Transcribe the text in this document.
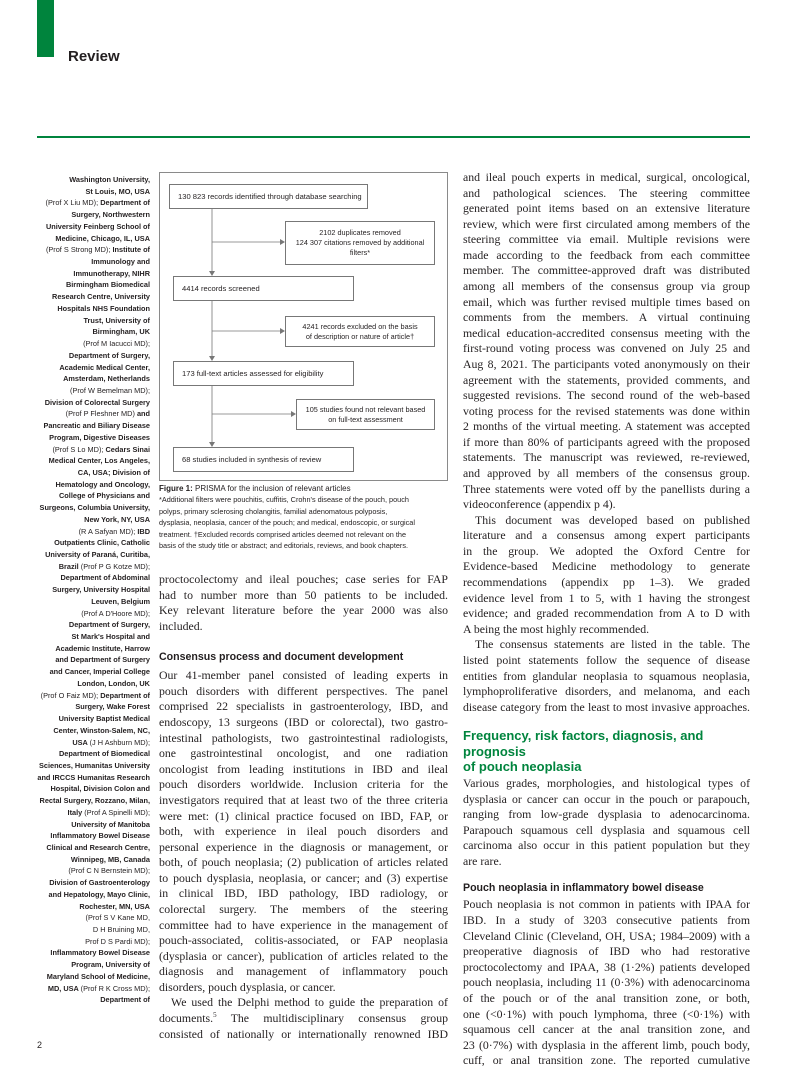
Review
Washington University,
St Louis, MO, USA
(Prof X Liu MD); Department of
Surgery, Northwestern
University Feinberg School of
Medicine, Chicago, IL, USA
(Prof S Strong MD); Institute of
Immunology and
Immunotherapy, NIHR
Birmingham Biomedical
Research Centre, University
Hospitals NHS Foundation
Trust, University of
Birmingham, UK
(Prof M Iacucci MD);
Department of Surgery,
Academic Medical Center,
Amsterdam, Netherlands
(Prof W Bemelman MD);
Division of Colorectal Surgery
(Prof P Fleshner MD) and
Pancreatic and Biliary Disease
Program, Digestive Diseases
(Prof S Lo MD); Cedars Sinai
Medical Center, Los Angeles,
CA, USA; Division of
Hematology and Oncology,
College of Physicians and
Surgeons, Columbia University,
New York, NY, USA
(R A Safyan MD); IBD
Outpatients Clinic, Catholic
University of Paraná, Curitiba,
Brazil (Prof P G Kotze MD);
Department of Abdominal
Surgery, University Hospital
Leuven, Belgium
(Prof A D'Hoore MD);
Department of Surgery,
St Mark's Hospital and
Academic Institute, Harrow
and Department of Surgery
and Cancer, Imperial College
London, London, UK
(Prof O Faiz MD); Department of
Surgery, Wake Forest
University Baptist Medical
Center, Winston-Salem, NC,
USA (J H Ashburn MD);
Department of Biomedical
Sciences, Humanitas University
and IRCCS Humanitas Research
Hospital, Division Colon and
Rectal Surgery, Rozzano, Milan,
Italy (Prof A Spinelli MD);
University of Manitoba
Inflammatory Bowel Disease
Clinical and Research Centre,
Winnipeg, MB, Canada
(Prof C N Bernstein MD);
Division of Gastroenterology
and Hepatology, Mayo Clinic,
Rochester, MN, USA
(Prof S V Kane MD,
D H Bruining MD,
Prof D S Pardi MD);
Inflammatory Bowel Disease
Program, University of
Maryland School of Medicine,
MD, USA (Prof R K Cross MD);
Department of
130 823 records identified through database searching
2102 duplicates removed
124 307 citations removed by additional
filters*
4414 records screened
4241 records excluded on the basis
of description or nature of article†
173 full-text articles assessed for eligibility
105 studies found not relevant based
on full-text assessment
68 studies included in synthesis of review
Figure 1: PRISMA for the inclusion of relevant articles
*Additional filters were pouchitis, cuffitis, Crohn's disease of the pouch, pouch
polyps, primary sclerosing cholangitis, familial adenomatous polyposis,
dysplasia, neoplasia, cancer of the pouch; and medical, endoscopic, or surgical
treatment. †Excluded records comprised articles deemed not relevant on the
basis of the study title or abstract; and editorials, reviews, and book chapters.
proctocolectomy and ileal pouches; case series for FAP
had to number more than 50 patients to be included.
Key relevant literature before the year 2000 was also
included.
Consensus process and document development
Our 41-member panel consisted of leading experts in
pouch disorders with different perspectives. The panel
comprised 22 specialists in gastroenterology, IBD, and
endoscopy, 13 surgeons (IBD or colorectal), two gastro-
intestinal pathologists, two gastrointestinal radiologists,
one gastrointestinal oncologist, and one radiation
oncologist from leading institutions in IBD and ileal
pouch disorders worldwide. Inclusion criteria for the
investigators required that at least two of the three criteria
were met: (1) clinical practice focused on IBD, FAP, or
both, with experience in ileal pouch disorders and
personal experience in the diagnosis or management, or
both, of pouch neoplasia; (2) publication of articles related
to pouch dysplasia, neoplasia, or cancer; and (3) expertise
in clinical IBD, IBD pathology, IBD radiology, or
colorectal surgery. The members of the steering
committee had to have experience in the management of
pouch-associated, colitis-associated, or FAP neoplasia
(dysplasia or cancer), publication of articles related to the
diagnosis and management of inflammatory pouch
disorders, pouch dysplasia, or cancer.
We used the Delphi method to guide the preparation of
documents.$^5$ The multidisciplinary consensus group
consisted of nationally or internationally renowned IBD
and ileal pouch experts in medical, surgical, oncological,
and pathological sciences. The steering committee
generated point items based on an extensive literature
review, which were first circulated among members of the
steering committee via email. Multiple revisions were
made according to the feedback from each committee
member. The committee-approved draft was distributed
among all members of the consensus group via group
email, which was further revised multiple times based on
comments from the members. A virtual continuing
medical education-accredited consensus meeting with the
first-round voting process was convened on July 25 and
Aug 8, 2021. The participants voted anonymously on their
agreement with the statements, provided comments, and
suggested revisions. The second round of the web-based
voting process for the revised statements was done within
2 months of the virtual meeting. A statement was accepted
if more than 80% of participants agreed with the proposed
statements. The manuscript was reviewed, re-reviewed,
and approved by all members of the consensus group.
Three statements were voted off by the panellists during a
videoconference (appendix p 4).
This document was developed based on published
literature and a consensus among expert participants
in the group. We adopted the Oxford Centre for
Evidence-based Medicine methodology to generate
recommendations (appendix pp 1–3). We graded
evidence level from 1 to 5, with 1 having the strongest
evidence; and graded recommendation from A to D with
A being the most highly recommended.
The consensus statements are listed in the table. The
listed point statements follow the sequence of disease
entities from glandular neoplasia to squamous neoplasia,
lymphoproliferative disorders, and melanoma, and each
disease category from the least to most invasive approaches.
Frequency, risk factors, diagnosis, and prognosis
of pouch neoplasia
Various grades, morphologies, and histological types of
dysplasia or cancer can occur in the pouch or parapouch,
ranging from low-grade dysplasia to adenocarcinoma.
Parapouch squamous cell dysplasia and squamous cell
carcinoma also occur in this patient population but they
are rare.
Pouch neoplasia in inflammatory bowel disease
Pouch neoplasia is not common in patients with IPAA for
IBD. In a study of 3203 consecutive patients from
Cleveland Clinic (Cleveland, OH, USA; 1984–2009) with a
preoperative diagnosis of IBD who had restorative
proctocolectomy and IPAA, 38 (1·2%) patients developed
pouch neoplasia, including 11 (0·3%) with adenocarcinoma
of the pouch or of the anal transition zone, or both,
one (<0·1%) with pouch lymphoma, three (<0·1%) with
squamous cell cancer at the anal transition zone, and
23 (0·7%) with dysplasia in the afferent limb, pouch body,
cuff, or anal transition zone. The reported cumulative
2
